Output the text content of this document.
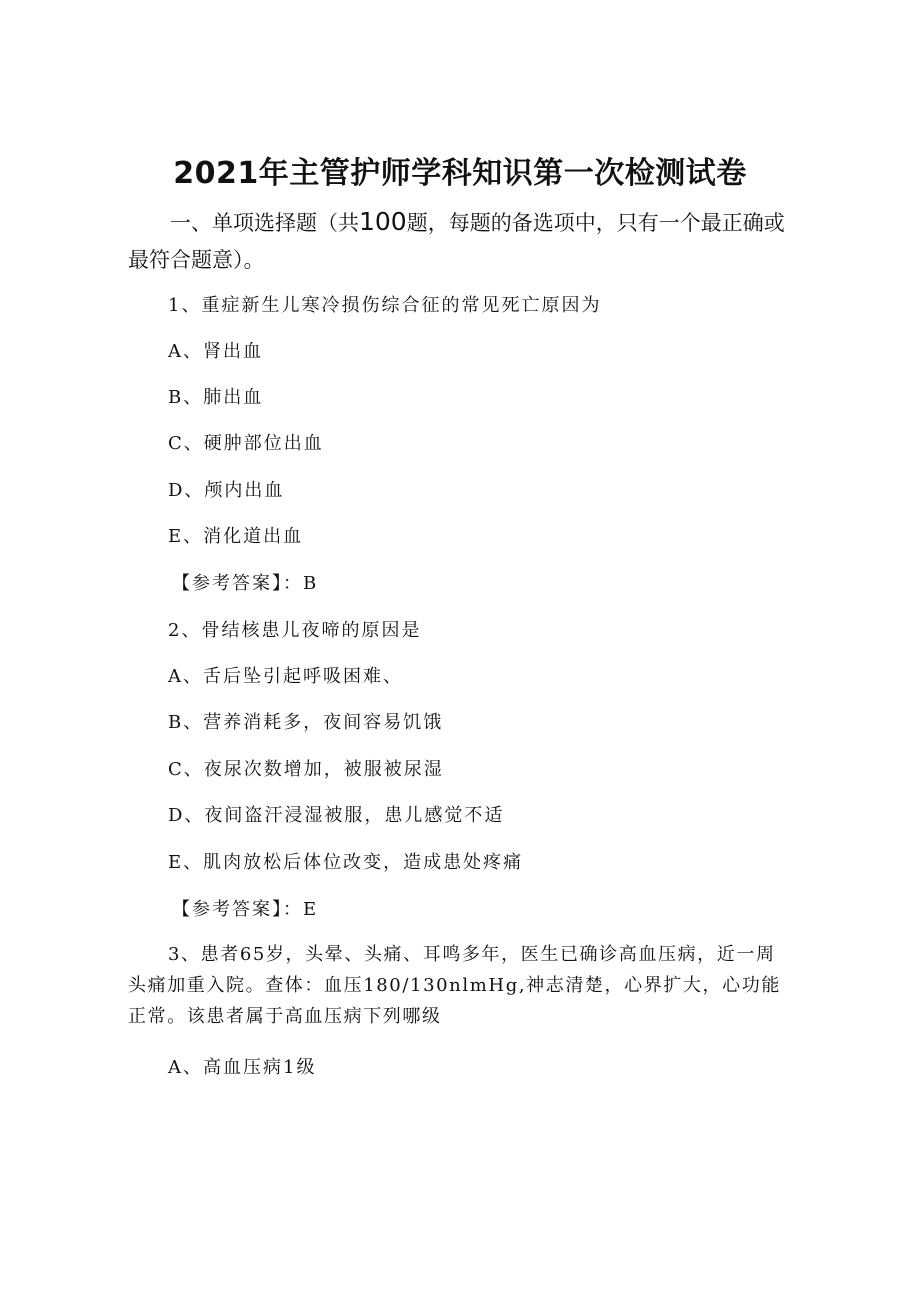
2021年主管护师学科知识第一次检测试卷
一、单项选择题（共100题，每题的备选项中，只有一个最正确或最符合题意）。
1、重症新生儿寒冷损伤综合征的常见死亡原因为
A、肾出血
B、肺出血
C、硬肿部位出血
D、颅内出血
E、消化道出血
【参考答案】：B
2、骨结核患儿夜啼的原因是
A、舌后坠引起呼吸困难、
B、营养消耗多，夜间容易饥饿
C、夜尿次数增加，被服被尿湿
D、夜间盗汗浸湿被服，患儿感觉不适
E、肌肉放松后体位改变，造成患处疼痛
【参考答案】：E
3、患者65岁，头晕、头痛、耳鸣多年，医生已确诊高血压病，近一周头痛加重入院。查体：血压180/130nlmHg,神志清楚，心界扩大，心功能正常。该患者属于高血压病下列哪级
A、高血压病1级
